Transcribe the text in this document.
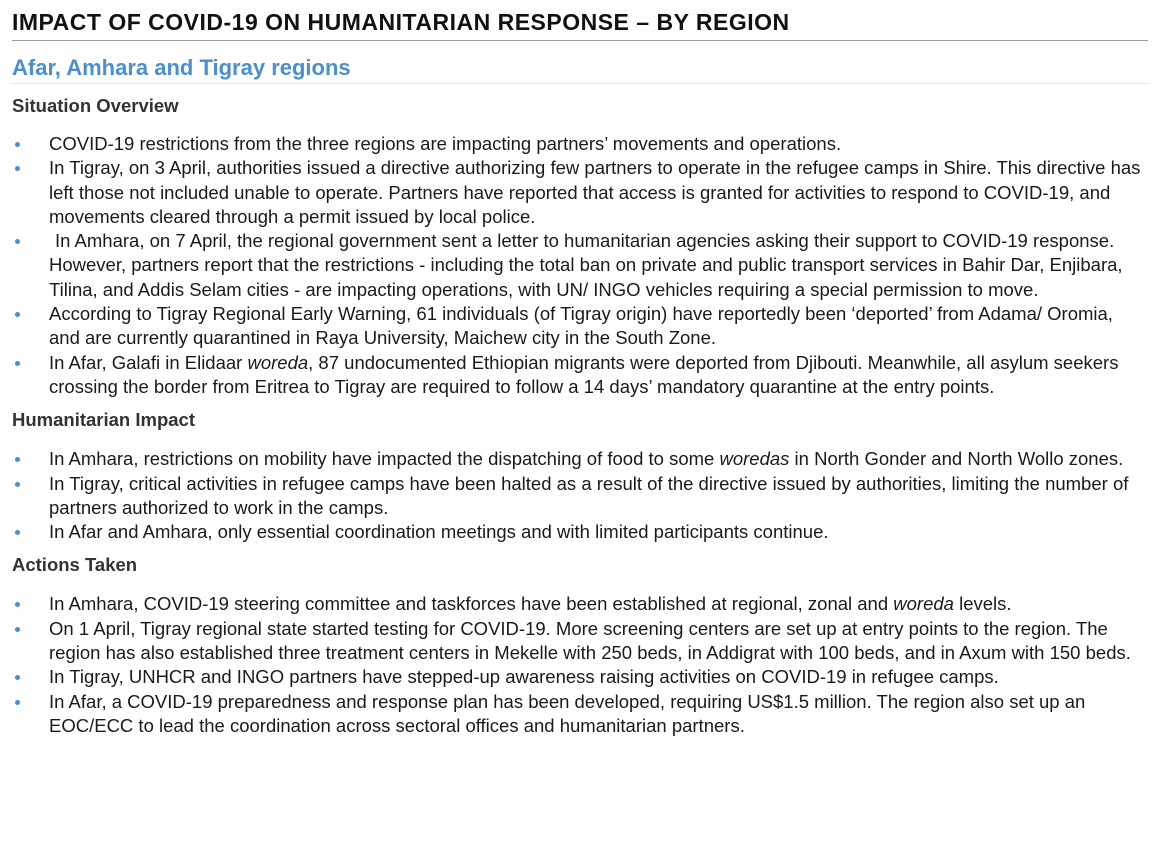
IMPACT OF COVID-19 ON HUMANITARIAN RESPONSE – BY REGION
Afar, Amhara and Tigray regions
Situation Overview
COVID-19 restrictions from the three regions are impacting partners’ movements and operations.
In Tigray, on 3 April, authorities issued a directive authorizing few partners to operate in the refugee camps in Shire. This directive has left those not included unable to operate. Partners have reported that access is granted for activities to respond to COVID-19, and movements cleared through a permit issued by local police.
In Amhara, on 7 April, the regional government sent a letter to humanitarian agencies asking their support to COVID-19 response. However, partners report that the restrictions - including the total ban on private and public transport services in Bahir Dar, Enjibara, Tilina, and Addis Selam cities - are impacting operations, with UN/ INGO vehicles requiring a special permission to move.
According to Tigray Regional Early Warning, 61 individuals (of Tigray origin) have reportedly been ‘deported’ from Adama/ Oromia, and are currently quarantined in Raya University, Maichew city in the South Zone.
In Afar, Galafi in Elidaar woreda, 87 undocumented Ethiopian migrants were deported from Djibouti. Meanwhile, all asylum seekers crossing the border from Eritrea to Tigray are required to follow a 14 days’ mandatory quarantine at the entry points.
Humanitarian Impact
In Amhara, restrictions on mobility have impacted the dispatching of food to some woredas in North Gonder and North Wollo zones.
In Tigray, critical activities in refugee camps have been halted as a result of the directive issued by authorities, limiting the number of partners authorized to work in the camps.
In Afar and Amhara, only essential coordination meetings and with limited participants continue.
Actions Taken
In Amhara, COVID-19 steering committee and taskforces have been established at regional, zonal and woreda levels.
On 1 April, Tigray regional state started testing for COVID-19. More screening centers are set up at entry points to the region. The region has also established three treatment centers in Mekelle with 250 beds, in Addigrat with 100 beds, and in Axum with 150 beds.
In Tigray, UNHCR and INGO partners have stepped-up awareness raising activities on COVID-19 in refugee camps.
In Afar, a COVID-19 preparedness and response plan has been developed, requiring US$1.5 million. The region also set up an EOC/ECC to lead the coordination across sectoral offices and humanitarian partners.
